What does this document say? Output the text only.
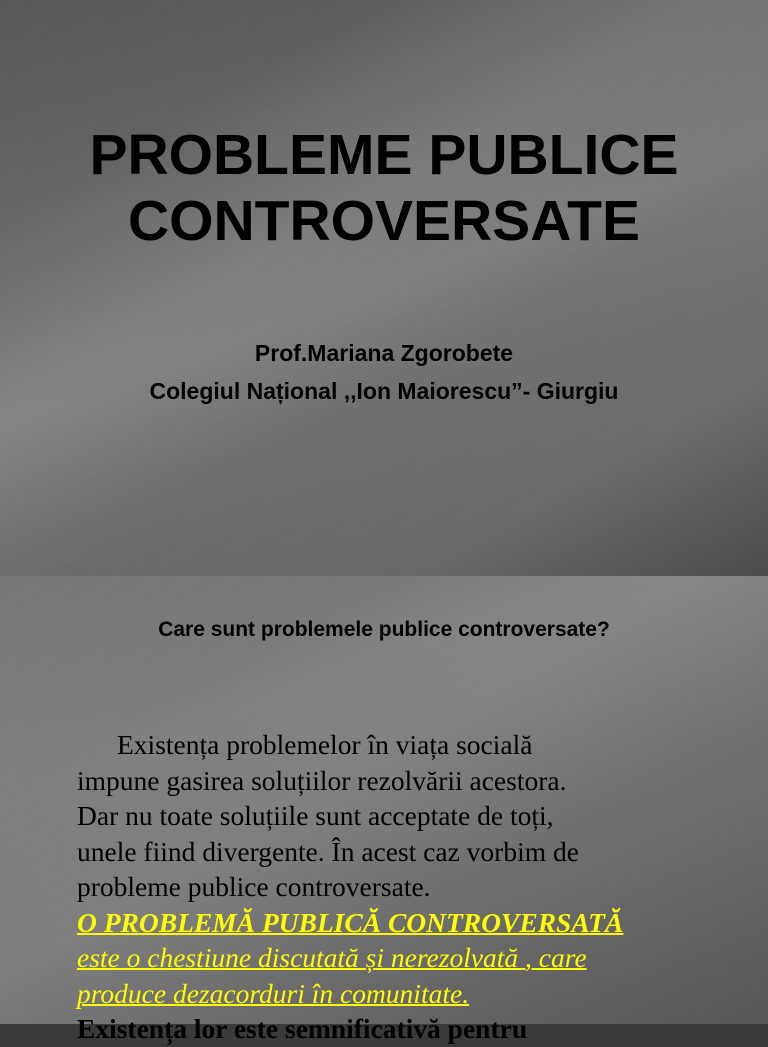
PROBLEME PUBLICE
CONTROVERSATE
Prof.Mariana Zgorobete
Colegiul Național ,,Ion Maiorescu”- Giurgiu
Care sunt problemele publice controversate?
Existența problemelor în viața socială
impune gasirea soluțiilor rezolvării acestora.
Dar nu toate soluțiile sunt acceptate de toți,
unele fiind divergente. În acest caz vorbim de
probleme publice controversate.
O PROBLEMĂ PUBLICĂ CONTROVERSATĂ
este o chestiune discutată și nerezolvată , care
produce dezacorduri în comunitate.
Existența lor este semnificativă pentru
